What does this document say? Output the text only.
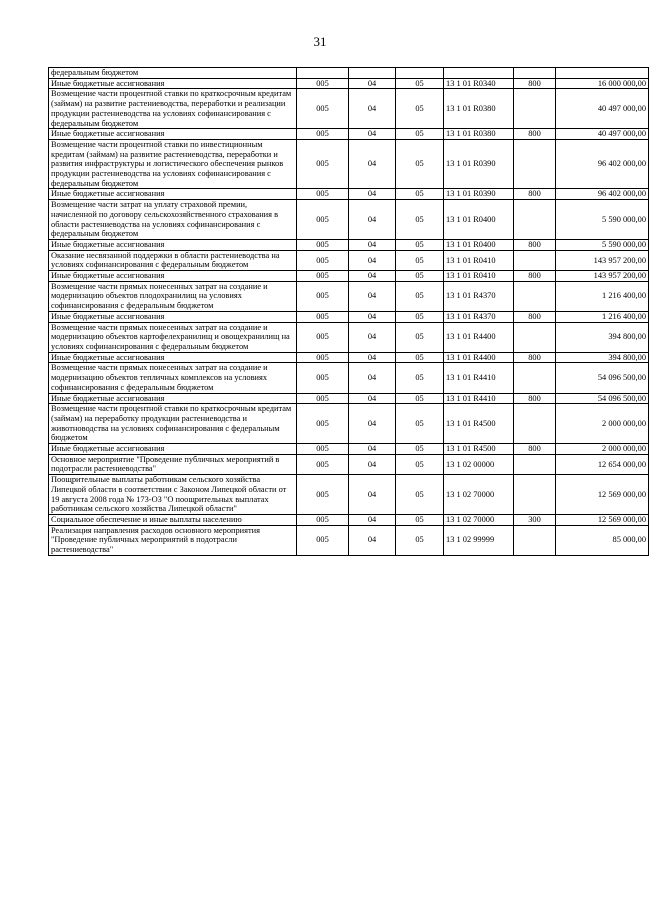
31
федеральным бюджетом						
Иные бюджетные ассигнования	005	04	05	13 1 01 R0340	800	16 000 000,00
Возмещение части процентной ставки по краткосрочным кредитам (займам) на развитие растениеводства, переработки и реализации продукции растениеводства на условиях софинансирования с федеральным бюджетом	005	04	05	13 1 01 R0380		40 497 000,00
Иные бюджетные ассигнования	005	04	05	13 1 01 R0380	800	40 497 000,00
Возмещение части процентной ставки по инвестиционным кредитам (займам) на развитие растениеводства, переработки и развития инфраструктуры и логистического обеспечения рынков продукции растениеводства на условиях софинансирования с федеральным бюджетом	005	04	05	13 1 01 R0390		96 402 000,00
Иные бюджетные ассигнования	005	04	05	13 1 01 R0390	800	96 402 000,00
Возмещение части затрат на уплату страховой премии, начисленной по договору сельскохозяйственного страхования в области растениеводства на условиях софинансирования с федеральным бюджетом	005	04	05	13 1 01 R0400		5 590 000,00
Иные бюджетные ассигнования	005	04	05	13 1 01 R0400	800	5 590 000,00
Оказание несвязанной поддержки в области растениеводства на условиях софинансирования с федеральным бюджетом	005	04	05	13 1 01 R0410		143 957 200,00
Иные бюджетные ассигнования	005	04	05	13 1 01 R0410	800	143 957 200,00
Возмещение части прямых понесенных затрат на создание и модернизацию объектов плодохранилищ на условиях софинансирования с федеральным бюджетом	005	04	05	13 1 01 R4370		1 216 400,00
Иные бюджетные ассигнования	005	04	05	13 1 01 R4370	800	1 216 400,00
Возмещение части прямых понесенных затрат на создание и модернизацию объектов картофелехранилищ и овощехранилищ на условиях софинансирования с федеральным бюджетом	005	04	05	13 1 01 R4400		394 800,00
Иные бюджетные ассигнования	005	04	05	13 1 01 R4400	800	394 800,00
Возмещение части прямых понесенных затрат на создание и модернизацию объектов тепличных комплексов на условиях софинансирования с федеральным бюджетом	005	04	05	13 1 01 R4410		54 096 500,00
Иные бюджетные ассигнования	005	04	05	13 1 01 R4410	800	54 096 500,00
Возмещение части процентной ставки по краткосрочным кредитам (займам) на переработку продукции растениеводства и животноводства на условиях софинансирования с федеральным бюджетом	005	04	05	13 1 01 R4500		2 000 000,00
Иные бюджетные ассигнования	005	04	05	13 1 01 R4500	800	2 000 000,00
Основное мероприятие "Проведение публичных мероприятий в подотрасли растениеводства"	005	04	05	13 1 02 00000		12 654 000,00
Поощрительные выплаты работникам сельского хозяйства Липецкой области в соответствии с Законом Липецкой области от 19 августа 2008 года № 173-ОЗ "О поощрительных выплатах работникам сельского хозяйства Липецкой области"	005	04	05	13 1 02 70000		12 569 000,00
Социальное обеспечение и иные выплаты населению	005	04	05	13 1 02 70000	300	12 569 000,00
Реализация направления расходов основного мероприятия "Проведение публичных мероприятий в подотрасли растениеводства"	005	04	05	13 1 02 99999		85 000,00
